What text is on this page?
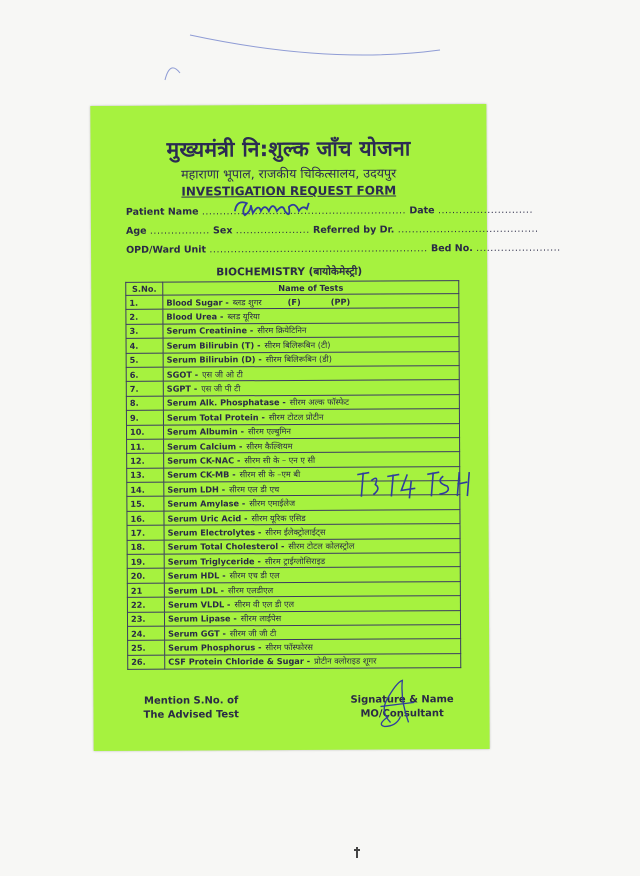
मुख्यमंत्री नि:शुल्क जाँच योजना
महाराणा भूपाल, राजकीय चिकित्सालय, उदयपुर
INVESTIGATION REQUEST FORM
Patient Name .......................................................... Date ...........................
Age ................. Sex ..................... Referred by Dr. ........................................
OPD/Ward Unit .............................................................. Bed No. ........................
BIOCHEMISTRY (बायोकेमेस्ट्री)
S.No.	Name of Tests
1.	Blood Sugar - ब्लड शुगर (F) (PP)
2.	Blood Urea - ब्लड यूरिया
3.	Serum Creatinine - सीरम क्रियेटिनिन
4.	Serum Bilirubin (T) - सीरम बिलिरूबिन (टी)
5.	Serum Bilirubin (D) - सीरम बिलिरूबिन (डी)
6.	SGOT - एस जी ओ टी
7.	SGPT - एस जी पी टी
8.	Serum Alk. Phosphatase - सीरम अल्क फॉस्फेट
9.	Serum Total Protein - सीरम टोटल प्रोटीन
10.	Serum Albumin - सीरम एल्बुमिन
11.	Serum Calcium - सीरम कैल्शियम
12.	Serum CK-NAC - सीरम सी के – एन ए सी
13.	Serum CK-MB - सीरम सी के –एम बी
14.	Serum LDH - सीरम एल डी एच
15.	Serum Amylase - सीरम एमाईलेज
16.	Serum Uric Acid - सीरम यूरिक एसिड
17.	Serum Electrolytes - सीरम ईलेक्ट्रोलाईट्स
18.	Serum Total Cholesterol - सीरम टोटल कोलस्ट्रोल
19.	Serum Triglyceride - सीरम ट्राईग्लोसिराइड
20.	Serum HDL - सीरम एच डी एल
21	Serum LDL - सीरम एलडीएल
22.	Serum VLDL - सीरम वी एल डी एल
23.	Serum Lipase - सीरम लाईपेस
24.	Serum GGT - सीरम जी जी टी
25.	Serum Phosphorus - सीरम फॉस्फोरस
26.	CSF Protein Chloride & Sugar - प्रोटीन क्लोराइड शूगर
Mention S.No. of
The Advised Test
Signature & Name
MO/Consultant
